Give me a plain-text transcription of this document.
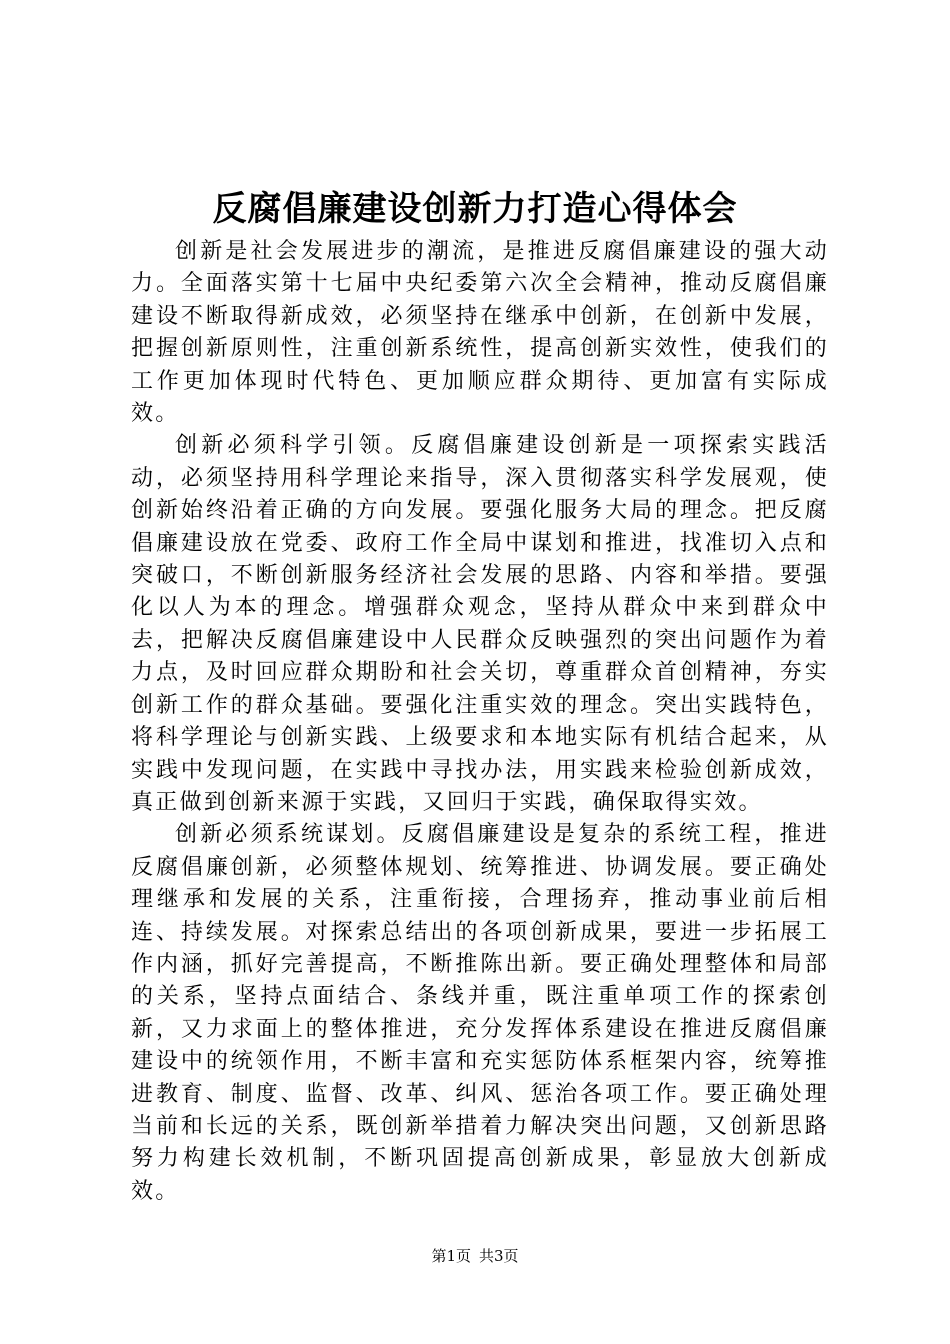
反腐倡廉建设创新力打造心得体会

创新是社会发展进步的潮流，是推进反腐倡廉建设的强大动力。全面落实第十七届中央纪委第六次全会精神，推动反腐倡廉建设不断取得新成效，必须坚持在继承中创新，在创新中发展，把握创新原则性，注重创新系统性，提高创新实效性，使我们的工作更加体现时代特色、更加顺应群众期待、更加富有实际成效。

创新必须科学引领。反腐倡廉建设创新是一项探索实践活动，必须坚持用科学理论来指导，深入贯彻落实科学发展观，使创新始终沿着正确的方向发展。要强化服务大局的理念。把反腐倡廉建设放在党委、政府工作全局中谋划和推进，找准切入点和突破口，不断创新服务经济社会发展的思路、内容和举措。要强化以人为本的理念。增强群众观念，坚持从群众中来到群众中去，把解决反腐倡廉建设中人民群众反映强烈的突出问题作为着力点，及时回应群众期盼和社会关切，尊重群众首创精神，夯实创新工作的群众基础。要强化注重实效的理念。突出实践特色，将科学理论与创新实践、上级要求和本地实际有机结合起来，从实践中发现问题，在实践中寻找办法，用实践来检验创新成效，真正做到创新来源于实践，又回归于实践，确保取得实效。

创新必须系统谋划。反腐倡廉建设是复杂的系统工程，推进反腐倡廉创新，必须整体规划、统筹推进、协调发展。要正确处理继承和发展的关系，注重衔接，合理扬弃，推动事业前后相连、持续发展。对探索总结出的各项创新成果，要进一步拓展工作内涵，抓好完善提高，不断推陈出新。要正确处理整体和局部的关系，坚持点面结合、条线并重，既注重单项工作的探索创新，又力求面上的整体推进，充分发挥体系建设在推进反腐倡廉建设中的统领作用，不断丰富和充实惩防体系框架内容，统筹推进教育、制度、监督、改革、纠风、惩治各项工作。要正确处理当前和长远的关系，既创新举措着力解决突出问题，又创新思路努力构建长效机制，不断巩固提高创新成果，彰显放大创新成效。

第1页 共3页
